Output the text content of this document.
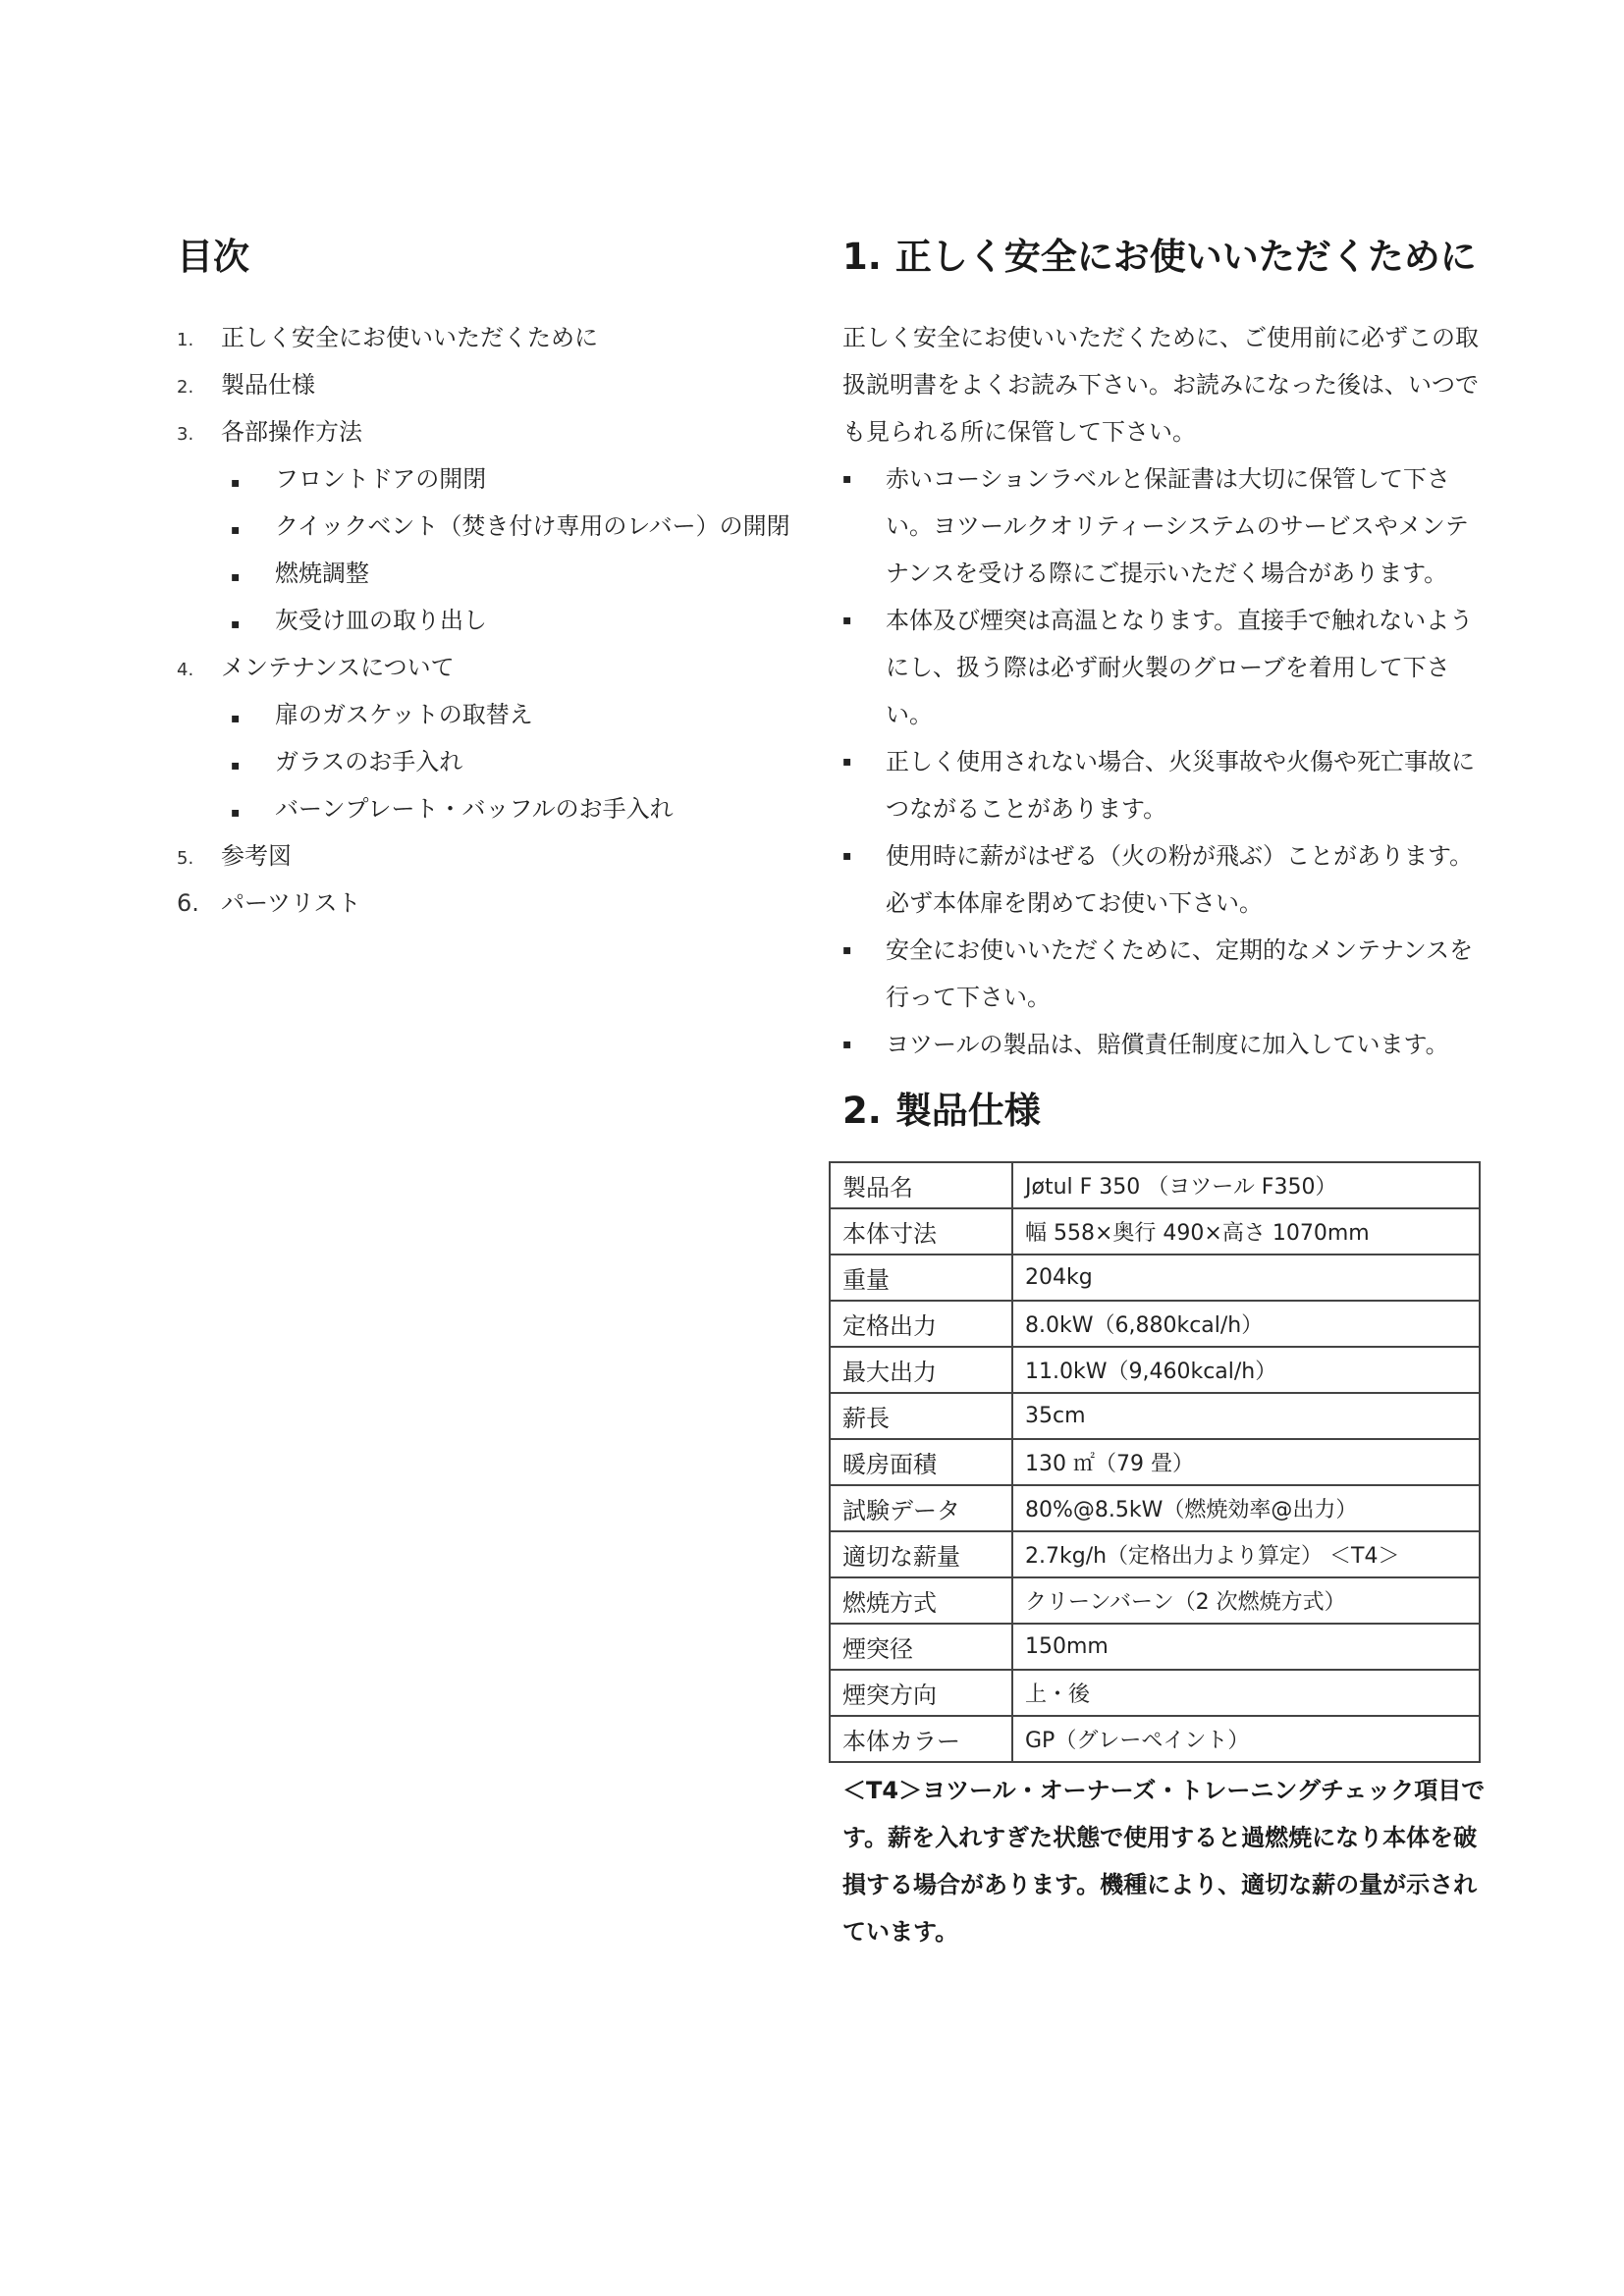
目次
1.	正しく安全にお使いいただくために
2.	製品仕様
3.	各部操作方法
▪	フロントドアの開閉
▪	クイックベント（焚き付け専用のレバー）の開閉
▪	燃焼調整
▪	灰受け皿の取り出し
4.	メンテナンスについて
▪	扉のガスケットの取替え
▪	ガラスのお手入れ
▪	バーンプレート・バッフルのお手入れ
5.	参考図
6. パーツリスト
1. 正しく安全にお使いいただくために

正しく安全にお使いいただくために、ご使用前に必ずこの取扱説明書をよくお読み下さい。お読みになった後は、いつでも見られる所に保管して下さい。

▪	赤いコーションラベルと保証書は大切に保管して下さい。ヨツールクオリティーシステムのサービスやメンテナンスを受ける際にご提示いただく場合があります。
▪	本体及び煙突は高温となります。直接手で触れないようにし、扱う際は必ず耐火製のグローブを着用して下さい。
▪	正しく使用されない場合、火災事故や火傷や死亡事故につながることがあります。
▪	使用時に薪がはぜる（火の粉が飛ぶ）ことがあります。必ず本体扉を閉めてお使い下さい。
▪	安全にお使いいただくために、定期的なメンテナンスを行って下さい。
▪	ヨツールの製品は、賠償責任制度に加入しています。
2. 製品仕様
製品名	Jøtul F 350 （ヨツール F350）
本体寸法	幅 558×奥行 490×高さ 1070mm
重量	204kg
定格出力	8.0kW（6,880kcal/h）
最大出力	11.0kW（9,460kcal/h）
薪長	35cm
暖房面積	130 ㎡（79 畳）
試験データ	80%@8.5kW（燃焼効率@出力）
適切な薪量	2.7kg/h（定格出力より算定） ＜T4＞
燃焼方式	クリーンバーン（2 次燃焼方式）
煙突径	150mm
煙突方向	上・後
本体カラー	GP（グレーペイント）
＜T4＞ヨツール・オーナーズ・トレーニングチェック項目です。薪を入れすぎた状態で使用すると過燃焼になり本体を破損する場合があります。機種により、適切な薪の量が示されています。
